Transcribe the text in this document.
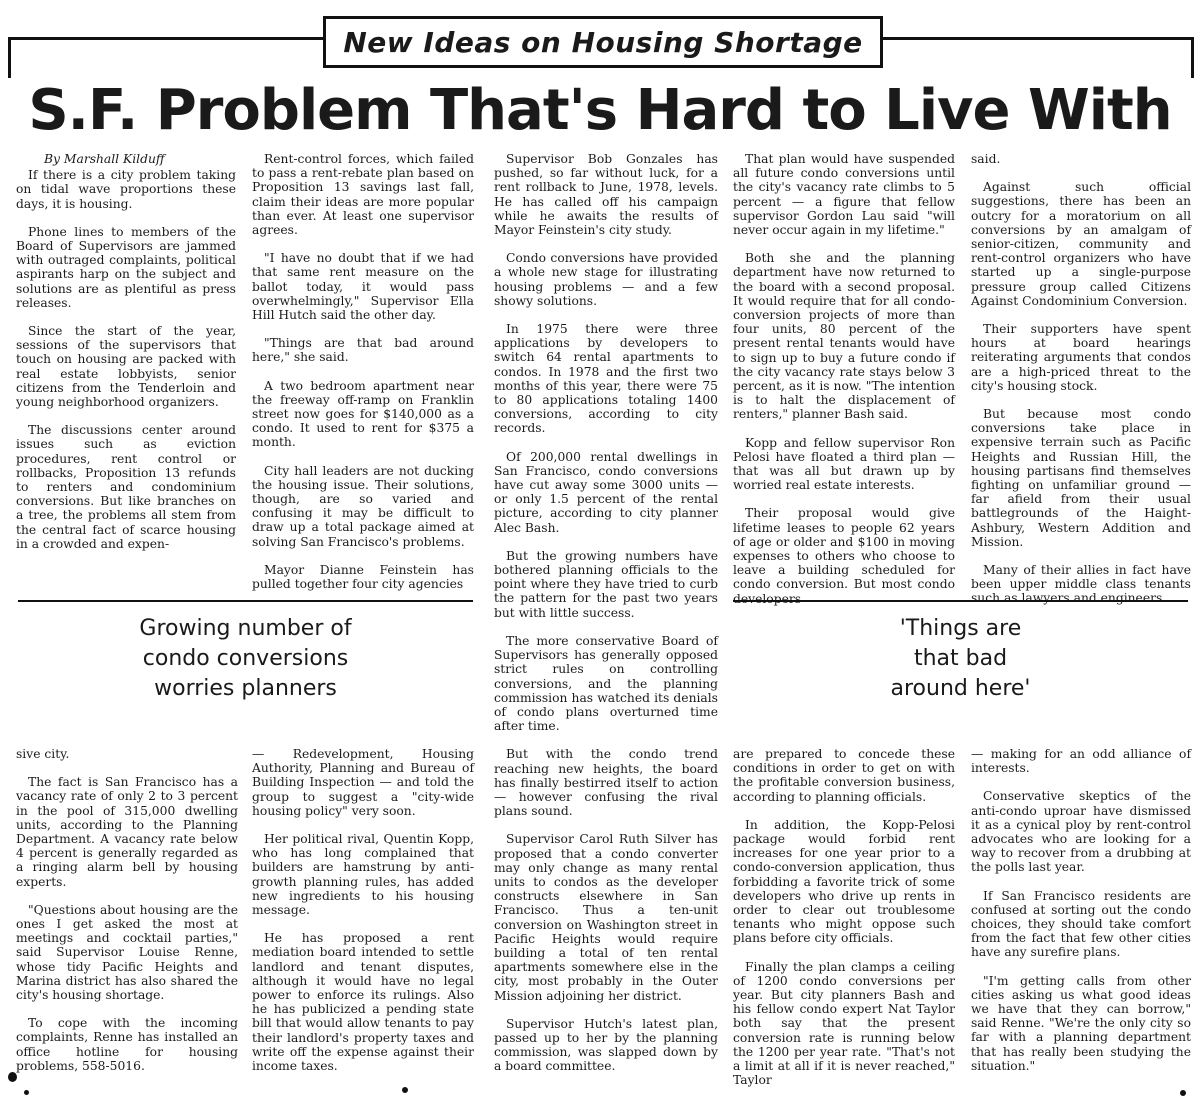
New Ideas on Housing Shortage
S.F. Problem That's Hard to Live With

By Marshall Kilduff

If there is a city problem taking on tidal wave proportions these days, it is housing.

Phone lines to members of the Board of Supervisors are jammed with outraged complaints, political aspirants harp on the subject and solutions are as plentiful as press releases.

Since the start of the year, sessions of the supervisors that touch on housing are packed with real estate lobbyists, senior citizens from the Tenderloin and young neighborhood organizers.

The discussions center around issues such as eviction procedures, rent control or rollbacks, Proposition 13 refunds to renters and condominium conversions. But like branches on a tree, the problems all stem from the central fact of scarce housing in a crowded and expen-

Rent-control forces, which failed to pass a rent-rebate plan based on Proposition 13 savings last fall, claim their ideas are more popular than ever. At least one supervisor agrees.

"I have no doubt that if we had that same rent measure on the ballot today, it would pass overwhelmingly," Supervisor Ella Hill Hutch said the other day.

"Things are that bad around here," she said.

A two bedroom apartment near the freeway off-ramp on Franklin street now goes for $140,000 as a condo. It used to rent for $375 a month.

City hall leaders are not ducking the housing issue. Their solutions, though, are so varied and confusing it may be difficult to draw up a total package aimed at solving San Francisco's problems.

Mayor Dianne Feinstein has pulled together four city agencies

Supervisor Bob Gonzales has pushed, so far without luck, for a rent rollback to June, 1978, levels. He has called off his campaign while he awaits the results of Mayor Feinstein's city study.

Condo conversions have provided a whole new stage for illustrating housing problems — and a few showy solutions.

In 1975 there were three applications by developers to switch 64 rental apartments to condos. In 1978 and the first two months of this year, there were 75 to 80 applications totaling 1400 conversions, according to city records.

Of 200,000 rental dwellings in San Francisco, condo conversions have cut away some 3000 units — or only 1.5 percent of the rental picture, according to city planner Alec Bash.

But the growing numbers have bothered planning officials to the point where they have tried to curb the pattern for the past two years but with little success.

The more conservative Board of Supervisors has generally opposed strict rules on controlling conversions, and the planning commission has watched its denials of condo plans overturned time after time.

But with the condo trend reaching new heights, the board has finally bestirred itself to action — however confusing the rival plans sound.

Supervisor Carol Ruth Silver has proposed that a condo converter may only change as many rental units to condos as the developer constructs elsewhere in San Francisco. Thus a ten-unit conversion on Washington street in Pacific Heights would require building a total of ten rental apartments somewhere else in the city, most probably in the Outer Mission adjoining her district.

Supervisor Hutch's latest plan, passed up to her by the planning commission, was slapped down by a board committee.

That plan would have suspended all future condo conversions until the city's vacancy rate climbs to 5 percent — a figure that fellow supervisor Gordon Lau said "will never occur again in my lifetime."

Both she and the planning department have now returned to the board with a second proposal. It would require that for all condo-conversion projects of more than four units, 80 percent of the present rental tenants would have to sign up to buy a future condo if the city vacancy rate stays below 3 percent, as it is now. "The intention is to halt the displacement of renters," planner Bash said.

Kopp and fellow supervisor Ron Pelosi have floated a third plan — that was all but drawn up by worried real estate interests.

Their proposal would give lifetime leases to people 62 years of age or older and $100 in moving expenses to others who choose to leave a building scheduled for condo conversion. But most condo developers

said.

Against such official suggestions, there has been an outcry for a moratorium on all conversions by an amalgam of senior-citizen, community and rent-control organizers who have started up a single-purpose pressure group called Citizens Against Condominium Conversion.

Their supporters have spent hours at board hearings reiterating arguments that condos are a high-priced threat to the city's housing stock.

But because most condo conversions take place in expensive terrain such as Pacific Heights and Russian Hill, the housing partisans find themselves fighting on unfamiliar ground — far afield from their usual battlegrounds of the Haight-Ashbury, Western Addition and Mission.

Many of their allies in fact have been upper middle class tenants such as lawyers and engineers

Growing number of
condo conversions
worries planners
'Things are
that bad
around here'

sive city.

The fact is San Francisco has a vacancy rate of only 2 to 3 percent in the pool of 315,000 dwelling units, according to the Planning Department. A vacancy rate below 4 percent is generally regarded as a ringing alarm bell by housing experts.

"Questions about housing are the ones I get asked the most at meetings and cocktail parties," said Supervisor Louise Renne, whose tidy Pacific Heights and Marina district has also shared the city's housing shortage.

To cope with the incoming complaints, Renne has installed an office hotline for housing problems, 558-5016.

— Redevelopment, Housing Authority, Planning and Bureau of Building Inspection — and told the group to suggest a "city-wide housing policy" very soon.

Her political rival, Quentin Kopp, who has long complained that builders are hamstrung by anti-growth planning rules, has added new ingredients to his housing message.

He has proposed a rent mediation board intended to settle landlord and tenant disputes, although it would have no legal power to enforce its rulings. Also he has publicized a pending state bill that would allow tenants to pay their landlord's property taxes and write off the expense against their income taxes.

are prepared to concede these conditions in order to get on with the profitable conversion business, according to planning officials.

In addition, the Kopp-Pelosi package would forbid rent increases for one year prior to a condo-conversion application, thus forbidding a favorite trick of some developers who drive up rents in order to clear out troublesome tenants who might oppose such plans before city officials.

Finally the plan clamps a ceiling of 1200 condo conversions per year. But city planners Bash and his fellow condo expert Nat Taylor both say that the present conversion rate is running below the 1200 per year rate. "That's not a limit at all if it is never reached," Taylor

— making for an odd alliance of interests.

Conservative skeptics of the anti-condo uproar have dismissed it as a cynical ploy by rent-control advocates who are looking for a way to recover from a drubbing at the polls last year.

If San Francisco residents are confused at sorting out the condo choices, they should take comfort from the fact that few other cities have any surefire plans.

"I'm getting calls from other cities asking us what good ideas we have that they can borrow," said Renne. "We're the only city so far with a planning department that has really been studying the situation."
